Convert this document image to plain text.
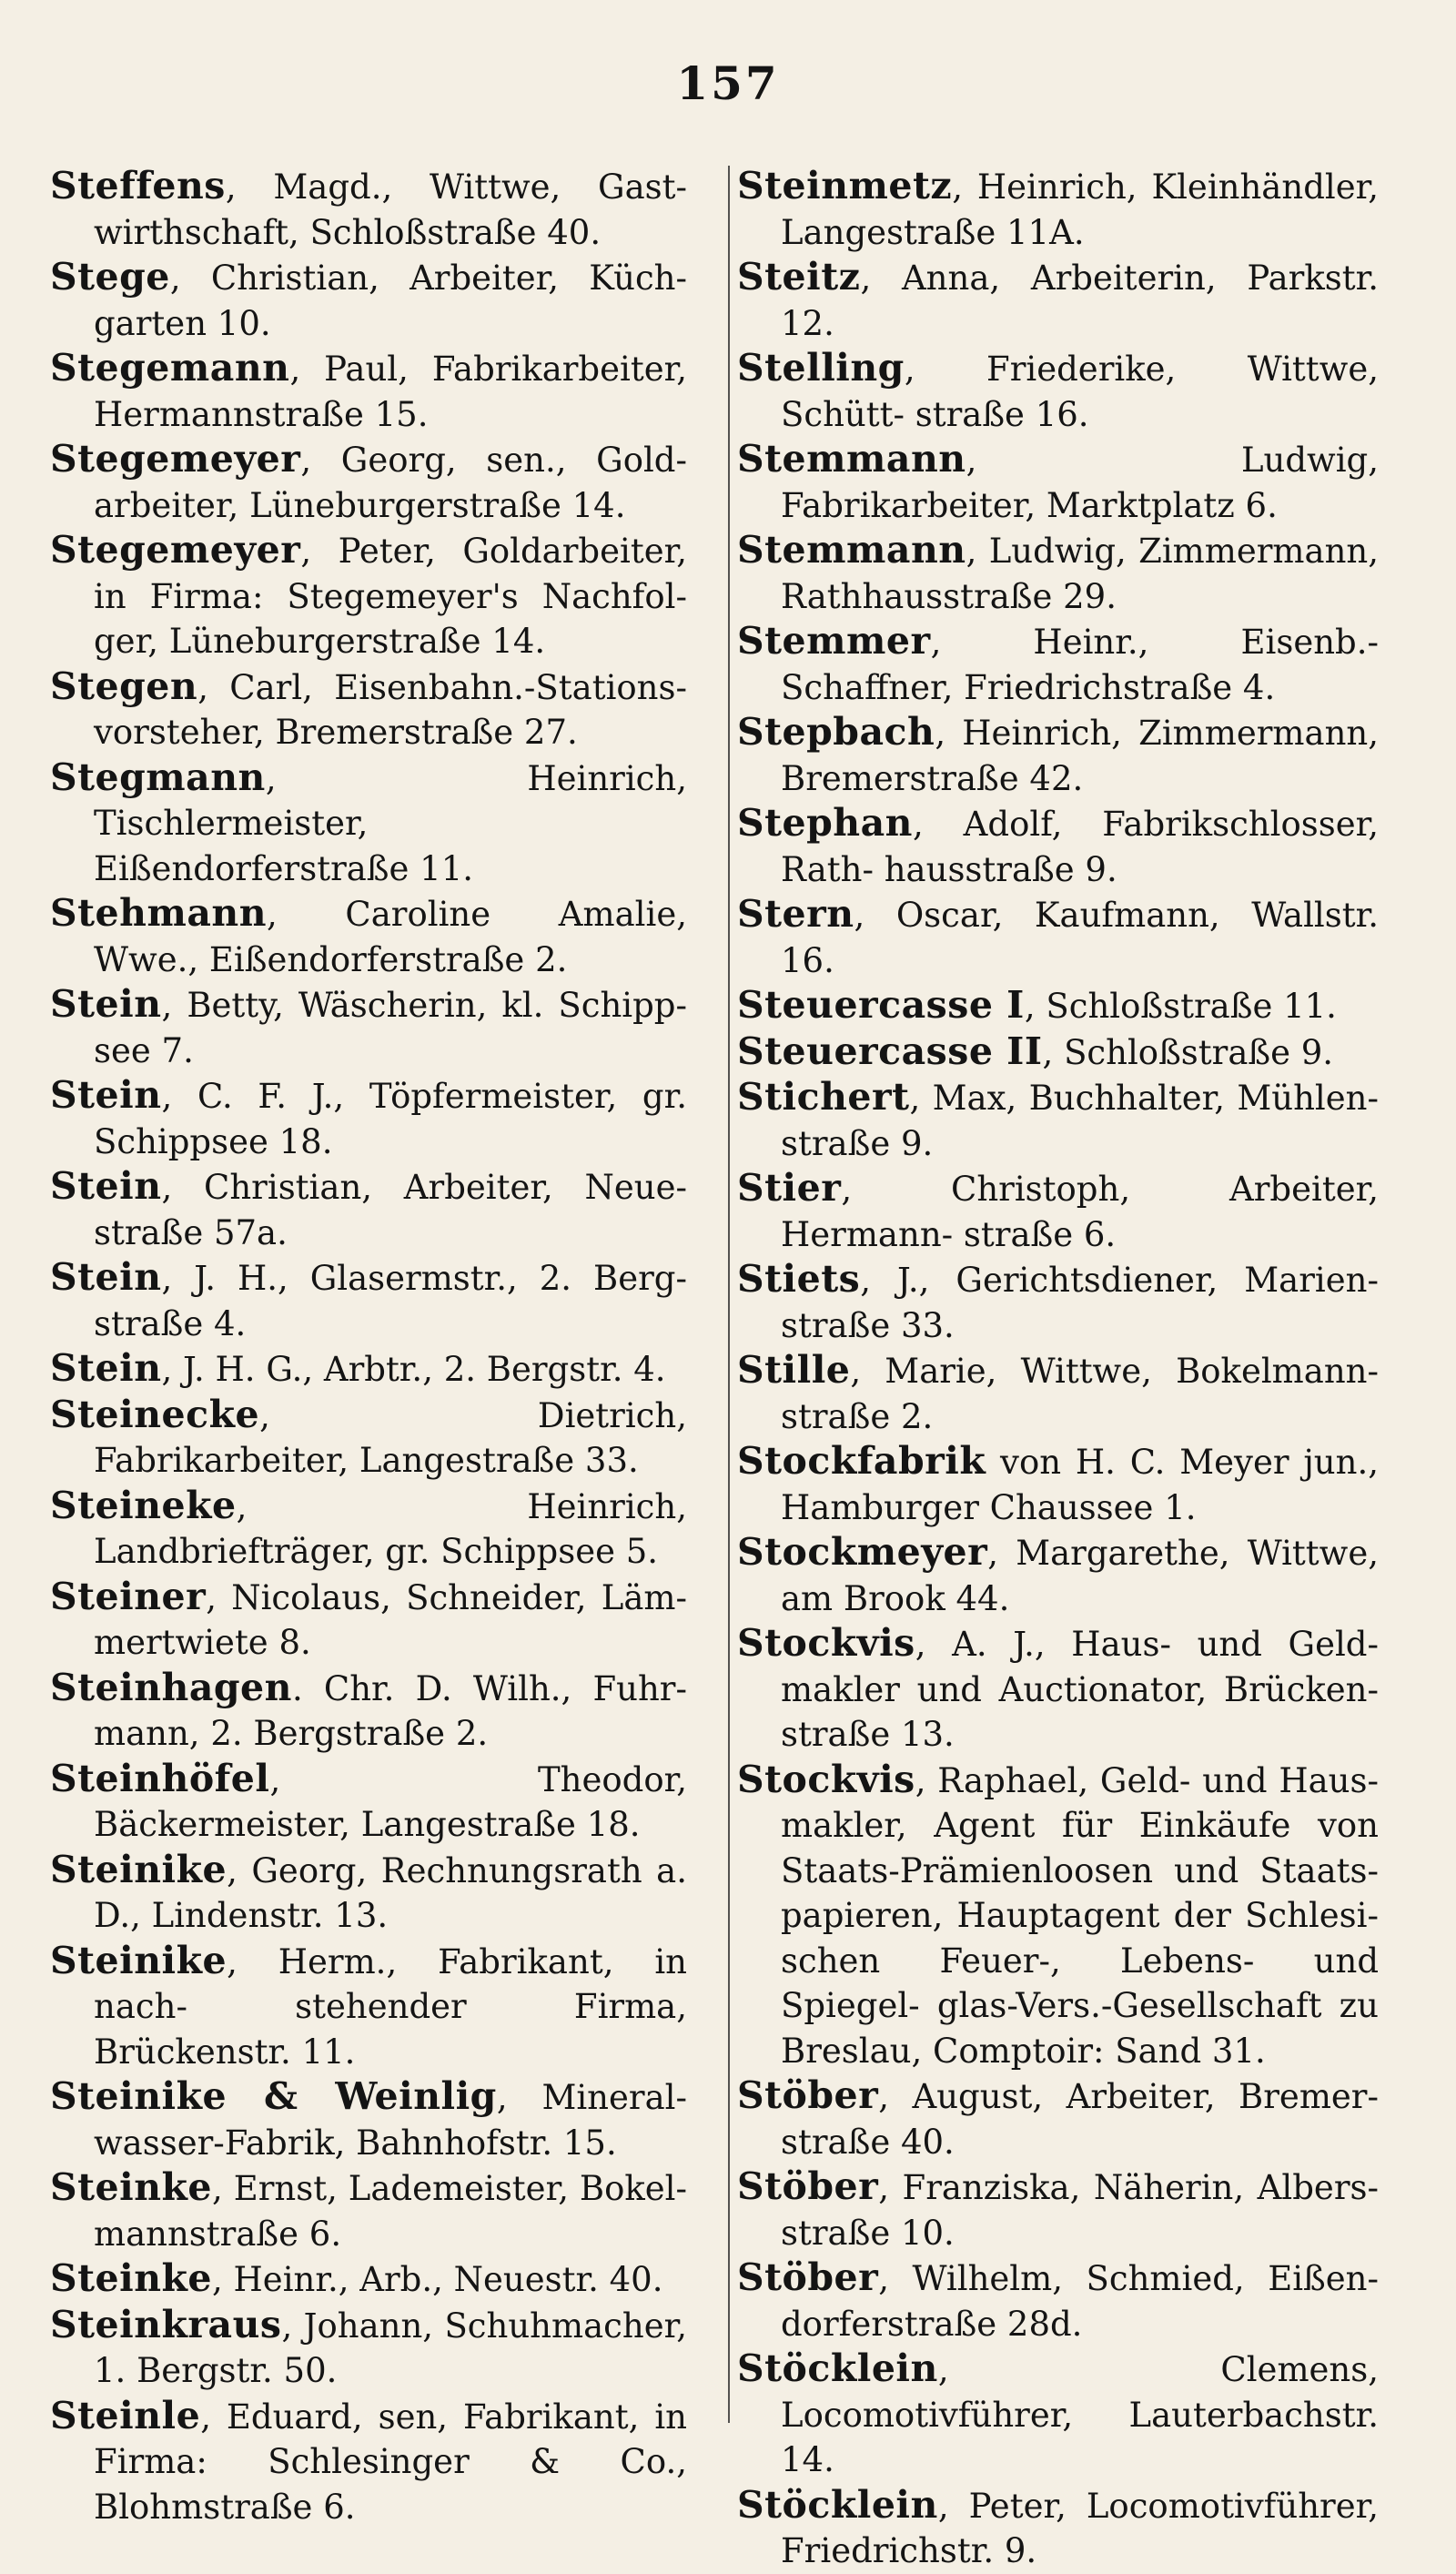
157
Steffens, Magd., Wittwe, Gast- wirthschaft, Schloßstraße 40.
Stege, Christian, Arbeiter, Küch- garten 10.
Stegemann, Paul, Fabrikarbeiter, Hermannstraße 15.
Stegemeyer, Georg, sen., Gold- arbeiter, Lüneburgerstraße 14.
Stegemeyer, Peter, Goldarbeiter, in Firma: Stegemeyer's Nachfol- ger, Lüneburgerstraße 14.
Stegen, Carl, Eisenbahn.-Stations- vorsteher, Bremerstraße 27.
Stegmann, Heinrich, Tischlermeister, Eißendorferstraße 11.
Stehmann, Caroline Amalie, Wwe., Eißendorferstraße 2.
Stein, Betty, Wäscherin, kl. Schipp- see 7.
Stein, C. F. J., Töpfermeister, gr. Schippsee 18.
Stein, Christian, Arbeiter, Neue- straße 57a.
Stein, J. H., Glasermstr., 2. Berg- straße 4.
Stein, J. H. G., Arbtr., 2. Bergstr. 4.
Steinecke, Dietrich, Fabrikarbeiter, Langestraße 33.
Steineke, Heinrich, Landbriefträger, gr. Schippsee 5.
Steiner, Nicolaus, Schneider, Läm- mertwiete 8.
Steinhagen. Chr. D. Wilh., Fuhr- mann, 2. Bergstraße 2.
Steinhöfel, Theodor, Bäckermeister, Langestraße 18.
Steinike, Georg, Rechnungsrath a. D., Lindenstr. 13.
Steinike, Herm., Fabrikant, in nach- stehender Firma, Brückenstr. 11.
Steinike & Weinlig, Mineral- wasser-Fabrik, Bahnhofstr. 15.
Steinke, Ernst, Lademeister, Bokel- mannstraße 6.
Steinke, Heinr., Arb., Neuestr. 40.
Steinkraus, Johann, Schuhmacher, 1. Bergstr. 50.
Steinle, Eduard, sen, Fabrikant, in Firma: Schlesinger & Co., Blohmstraße 6.
Steinmetz, Heinrich, Kleinhändler, Langestraße 11A.
Steitz, Anna, Arbeiterin, Parkstr. 12.
Stelling, Friederike, Wittwe, Schütt- straße 16.
Stemmann, Ludwig, Fabrikarbeiter, Marktplatz 6.
Stemmann, Ludwig, Zimmermann, Rathhausstraße 29.
Stemmer, Heinr., Eisenb.-Schaffner, Friedrichstraße 4.
Stepbach, Heinrich, Zimmermann, Bremerstraße 42.
Stephan, Adolf, Fabrikschlosser, Rath- hausstraße 9.
Stern, Oscar, Kaufmann, Wallstr. 16.
Steuercasse I, Schloßstraße 11.
Steuercasse II, Schloßstraße 9.
Stichert, Max, Buchhalter, Mühlen- straße 9.
Stier, Christoph, Arbeiter, Hermann- straße 6.
Stiets, J., Gerichtsdiener, Marien- straße 33.
Stille, Marie, Wittwe, Bokelmann- straße 2.
Stockfabrik von H. C. Meyer jun., Hamburger Chaussee 1.
Stockmeyer, Margarethe, Wittwe, am Brook 44.
Stockvis, A. J., Haus- und Geld- makler und Auctionator, Brücken- straße 13.
Stockvis, Raphael, Geld- und Haus- makler, Agent für Einkäufe von Staats-Prämienloosen und Staats- papieren, Hauptagent der Schlesi- schen Feuer-, Lebens- und Spiegel- glas-Vers.-Gesellschaft zu Breslau, Comptoir: Sand 31.
Stöber, August, Arbeiter, Bremer- straße 40.
Stöber, Franziska, Näherin, Albers- straße 10.
Stöber, Wilhelm, Schmied, Eißen- dorferstraße 28d.
Stöcklein, Clemens, Locomotivführer, Lauterbachstr. 14.
Stöcklein, Peter, Locomotivführer, Friedrichstr. 9.
